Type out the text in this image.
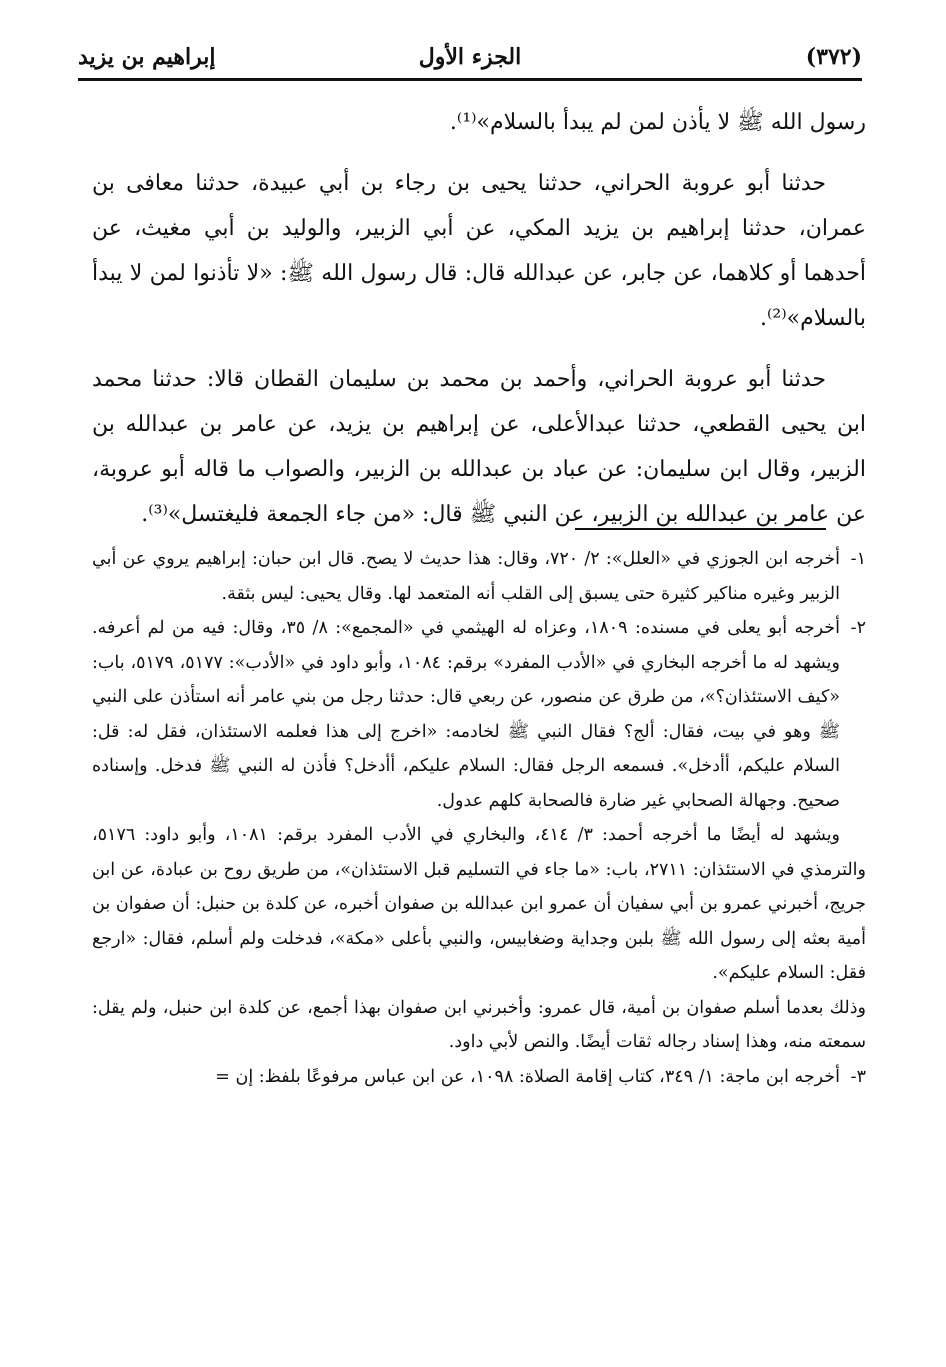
(٣٧٢)
الجزء الأول
إبراهيم بن يزيد

رسول الله ﷺ لا يأذن لمن لم يبدأ بالسلام»⁽¹⁾.

حدثنا أبو عروبة الحراني، حدثنا يحيى بن رجاء بن أبي عبيدة، حدثنا معافى بن عمران، حدثنا إبراهيم بن يزيد المكي، عن أبي الزبير، والوليد بن أبي مغيث، عن أحدهما أو كلاهما، عن جابر، عن عبدالله قال: قال رسول الله ﷺ: «لا تأذنوا لمن لا يبدأ بالسلام»⁽²⁾.

حدثنا أبو عروبة الحراني، وأحمد بن محمد بن سليمان القطان قالا: حدثنا محمد ابن يحيى القطعي، حدثنا عبدالأعلى، عن إبراهيم بن يزيد، عن عامر بن عبدالله بن الزبير، وقال ابن سليمان: عن عباد بن عبدالله بن الزبير، والصواب ما قاله أبو عروبة، عن عامر بن عبدالله بن الزبير، عن النبي ﷺ قال: «من جاء الجمعة فليغتسل»⁽³⁾.

١-
أخرجه ابن الجوزي في «العلل»: ٢/ ٧٢٠، وقال: هذا حديث لا يصح. قال ابن حبان: إبراهيم يروي عن أبي الزبير وغيره مناكير كثيرة حتى يسبق إلى القلب أنه المتعمد لها. وقال يحيى: ليس بثقة.

٢-
أخرجه أبو يعلى في مسنده: ١٨٠٩، وعزاه له الهيثمي في «المجمع»: ٨/ ٣٥، وقال: فيه من لم أعرفه. ويشهد له ما أخرجه البخاري في «الأدب المفرد» برقم: ١٠٨٤، وأبو داود في «الأدب»: ٥١٧٧، ٥١٧٩، باب: «كيف الاستئذان؟»، من طرق عن منصور، عن ربعي قال: حدثنا رجل من بني عامر أنه استأذن على النبي ﷺ وهو في بيت، فقال: ألج؟ فقال النبي ﷺ لخادمه: «اخرج إلى هذا فعلمه الاستئذان، فقل له: قل: السلام عليكم، أأدخل». فسمعه الرجل فقال: السلام عليكم، أأدخل؟ فأذن له النبي ﷺ فدخل. وإسناده صحيح. وجهالة الصحابي غير ضارة فالصحابة كلهم عدول.

ويشهد له أيضًا ما أخرجه أحمد: ٣/ ٤١٤، والبخاري في الأدب المفرد برقم: ١٠٨١، وأبو داود: ٥١٧٦، والترمذي في الاستئذان: ٢٧١١، باب: «ما جاء في التسليم قبل الاستئذان»، من طريق روح بن عبادة، عن ابن جريج، أخبرني عمرو بن أبي سفيان أن عمرو ابن عبدالله بن صفوان أخبره، عن كلدة بن حنبل: أن صفوان بن أمية بعثه إلى رسول الله ﷺ بلبن وجداية وضغابيس، والنبي بأعلى «مكة»، فدخلت ولم أسلم، فقال: «ارجع فقل: السلام عليكم».

وذلك بعدما أسلم صفوان بن أمية، قال عمرو: وأخبرني ابن صفوان بهذا أجمع، عن كلدة ابن حنبل، ولم يقل: سمعته منه، وهذا إسناد رجاله ثقات أيضًا. والنص لأبي داود.

٣-
أخرجه ابن ماجة: ١/ ٣٤٩، كتاب إقامة الصلاة: ١٠٩٨، عن ابن عباس مرفوعًا بلفظ: إن =
